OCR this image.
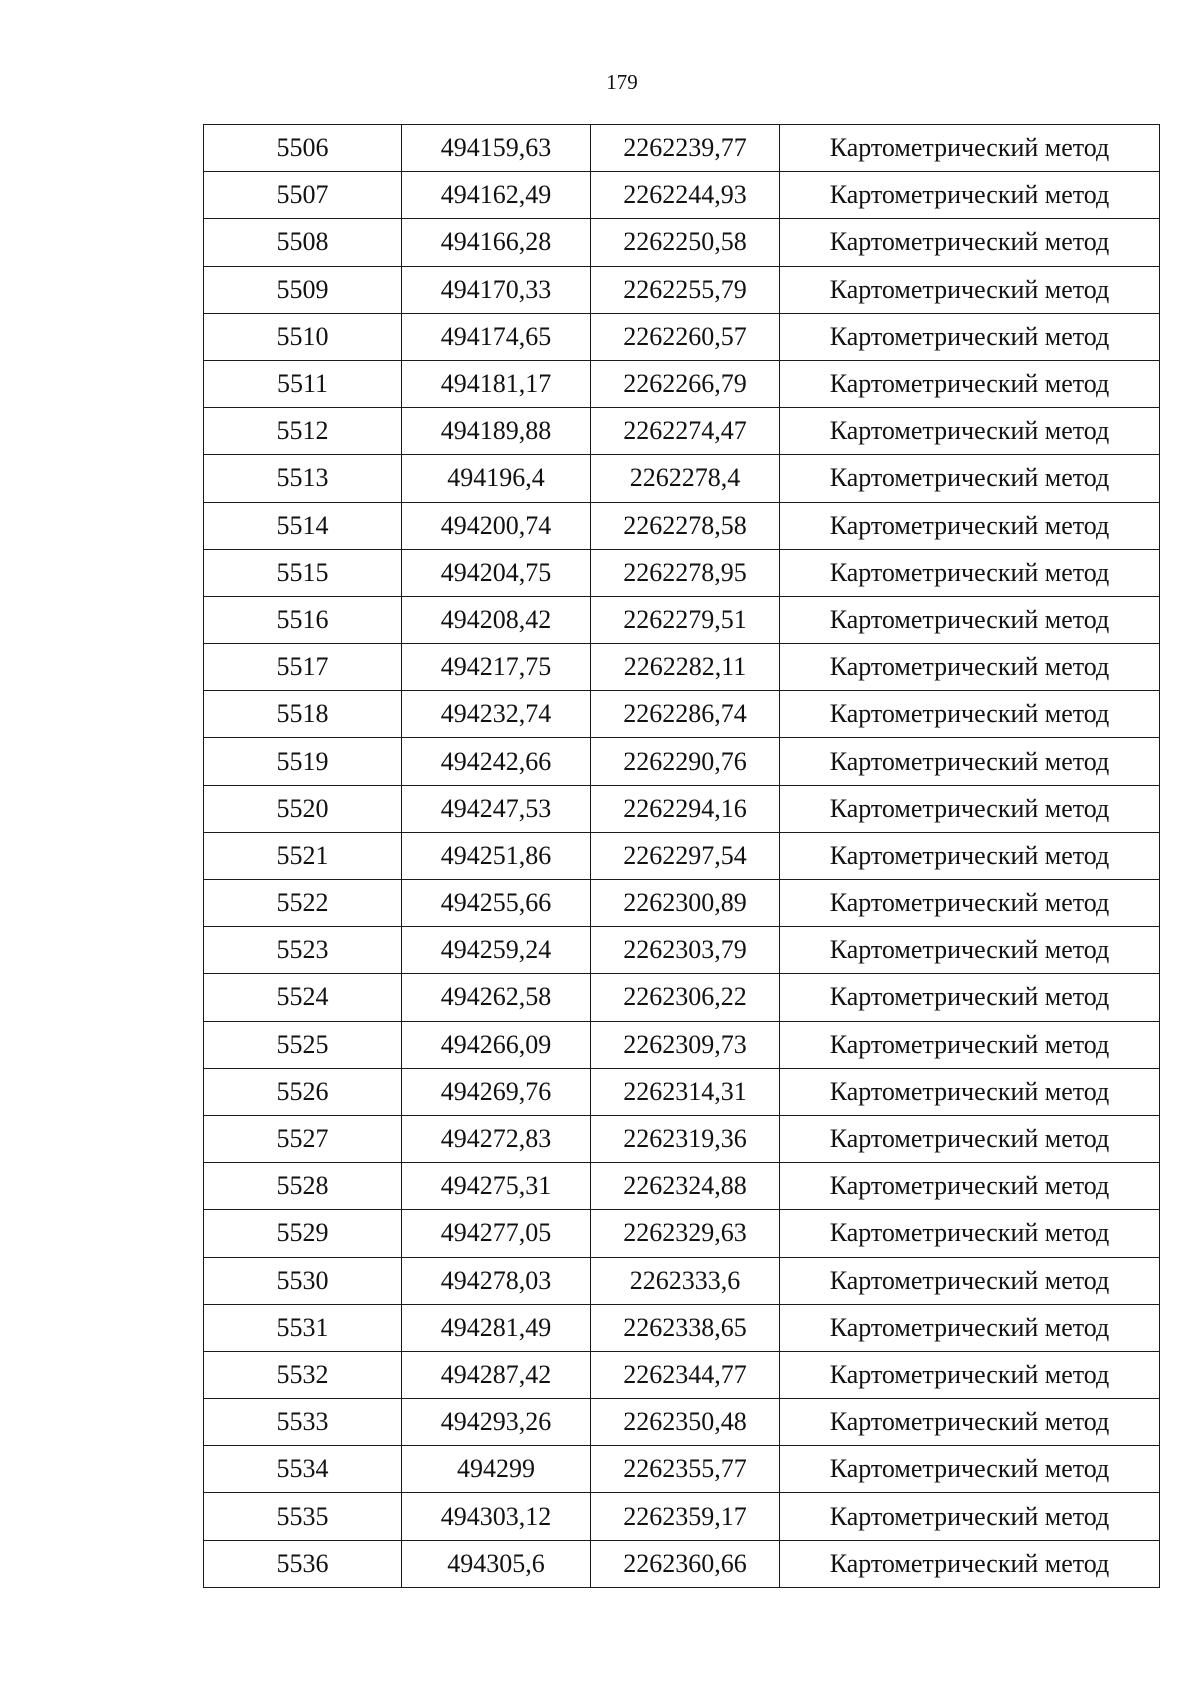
179
5506	494159,63	2262239,77	Картометрический метод
5507	494162,49	2262244,93	Картометрический метод
5508	494166,28	2262250,58	Картометрический метод
5509	494170,33	2262255,79	Картометрический метод
5510	494174,65	2262260,57	Картометрический метод
5511	494181,17	2262266,79	Картометрический метод
5512	494189,88	2262274,47	Картометрический метод
5513	494196,4	2262278,4	Картометрический метод
5514	494200,74	2262278,58	Картометрический метод
5515	494204,75	2262278,95	Картометрический метод
5516	494208,42	2262279,51	Картометрический метод
5517	494217,75	2262282,11	Картометрический метод
5518	494232,74	2262286,74	Картометрический метод
5519	494242,66	2262290,76	Картометрический метод
5520	494247,53	2262294,16	Картометрический метод
5521	494251,86	2262297,54	Картометрический метод
5522	494255,66	2262300,89	Картометрический метод
5523	494259,24	2262303,79	Картометрический метод
5524	494262,58	2262306,22	Картометрический метод
5525	494266,09	2262309,73	Картометрический метод
5526	494269,76	2262314,31	Картометрический метод
5527	494272,83	2262319,36	Картометрический метод
5528	494275,31	2262324,88	Картометрический метод
5529	494277,05	2262329,63	Картометрический метод
5530	494278,03	2262333,6	Картометрический метод
5531	494281,49	2262338,65	Картометрический метод
5532	494287,42	2262344,77	Картометрический метод
5533	494293,26	2262350,48	Картометрический метод
5534	494299	2262355,77	Картометрический метод
5535	494303,12	2262359,17	Картометрический метод
5536	494305,6	2262360,66	Картометрический метод
